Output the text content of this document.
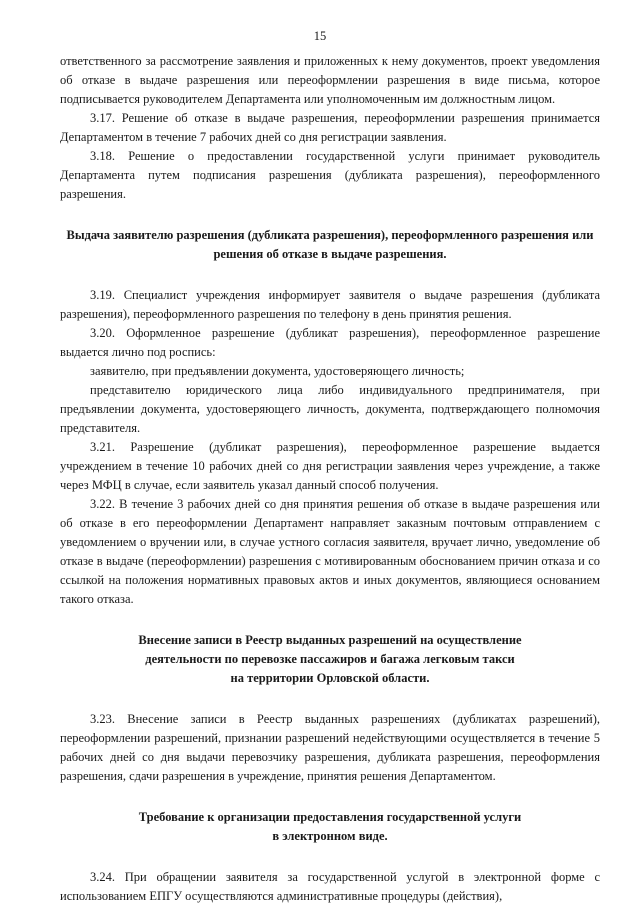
15

ответственного за рассмотрение заявления и приложенных к нему документов, проект уведомления об отказе в выдаче разрешения или переоформлении разрешения в виде письма, которое подписывается руководителем Департамента или уполномоченным им должностным лицом.

3.17. Решение об отказе в выдаче разрешения, переоформлении разрешения принимается Департаментом в течение 7 рабочих дней со дня регистрации заявления.

3.18. Решение о предоставлении государственной услуги принимает руководитель Департамента путем подписания разрешения (дубликата разрешения), переоформленного разрешения.

Выдача заявителю разрешения (дубликата разрешения), переоформленного разрешения или решения об отказе в выдаче разрешения.

3.19. Специалист учреждения информирует заявителя о выдаче разрешения (дубликата разрешения), переоформленного разрешения по телефону в день принятия решения.

3.20. Оформленное разрешение (дубликат разрешения), переоформленное разрешение выдается лично под роспись:

заявителю, при предъявлении документа, удостоверяющего личность;

представителю юридического лица либо индивидуального предпринимателя, при предъявлении документа, удостоверяющего личность, документа, подтверждающего полномочия представителя.

3.21. Разрешение (дубликат разрешения), переоформленное разрешение выдается учреждением в течение 10 рабочих дней со дня регистрации заявления через учреждение, а также через МФЦ в случае, если заявитель указал данный способ получения.

3.22. В течение 3 рабочих дней со дня принятия решения об отказе в выдаче разрешения или об отказе в его переоформлении Департамент направляет заказным почтовым отправлением с уведомлением о вручении или, в случае устного согласия заявителя, вручает лично, уведомление об отказе в выдаче (переоформлении) разрешения с мотивированным обоснованием причин отказа и со ссылкой на положения нормативных правовых актов и иных документов, являющиеся основанием такого отказа.

Внесение записи в Реестр выданных разрешений на осуществление
деятельности по перевозке пассажиров и багажа легковым такси
на территории Орловской области.

3.23. Внесение записи в Реестр выданных разрешениях (дубликатах разрешений), переоформлении разрешений, признании разрешений недействующими осуществляется в течение 5 рабочих дней со дня выдачи перевозчику разрешения, дубликата разрешения, переоформления разрешения, сдачи разрешения в учреждение, принятия решения Департаментом.

Требование к организации предоставления государственной услуги
в электронном виде.

3.24. При обращении заявителя за государственной услугой в электронной форме с использованием ЕПГУ осуществляются административные процедуры (действия),
